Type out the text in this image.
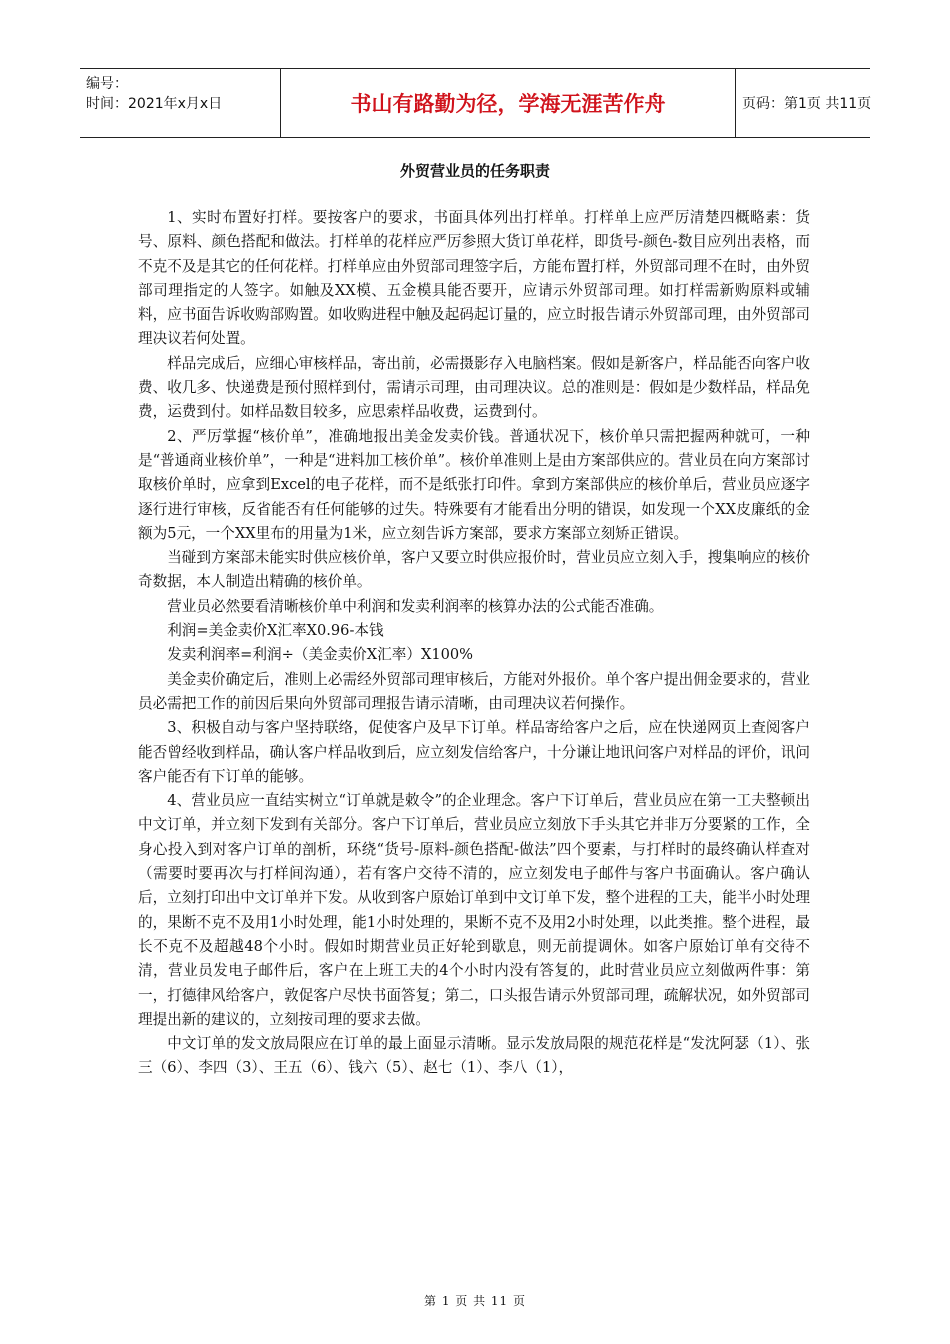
编号：
时间：2021年x月x日	书山有路勤为径，学海无涯苦作舟	页码：第1页 共11页
外贸营业员的任务职责

1、实时布置好打样。要按客户的要求，书面具体列出打样单。打样单上应严厉清楚四概略素：货号、原料、颜色搭配和做法。打样单的花样应严厉参照大货订单花样，即货号-颜色-数目应列出表格，而不克不及是其它的任何花样。打样单应由外贸部司理签字后，方能布置打样，外贸部司理不在时，由外贸部司理指定的人签字。如触及XX模、五金模具能否要开，应请示外贸部司理。如打样需新购原料或辅料，应书面告诉收购部购置。如收购进程中触及起码起订量的，应立时报告请示外贸部司理，由外贸部司理决议若何处置。

样品完成后，应细心审核样品，寄出前，必需摄影存入电脑档案。假如是新客户，样品能否向客户收费、收几多、快递费是预付照样到付，需请示司理，由司理决议。总的准则是：假如是少数样品，样品免费，运费到付。如样品数目较多，应思索样品收费，运费到付。

2、严厉掌握“核价单”，准确地报出美金发卖价钱。普通状况下，核价单只需把握两种就可，一种是“普通商业核价单”，一种是“进料加工核价单”。核价单准则上是由方案部供应的。营业员在向方案部讨取核价单时，应拿到Excel的电子花样，而不是纸张打印件。拿到方案部供应的核价单后，营业员应逐字逐行进行审核，反省能否有任何能够的过失。特殊要有才能看出分明的错误，如发现一个XX皮廉纸的金额为5元，一个XX里布的用量为1米，应立刻告诉方案部，要求方案部立刻矫正错误。

当碰到方案部未能实时供应核价单，客户又要立时供应报价时，营业员应立刻入手，搜集响应的核价奇数据，本人制造出精确的核价单。

营业员必然要看清晰核价单中利润和发卖利润率的核算办法的公式能否准确。

利润=美金卖价X汇率X0.96-本钱

发卖利润率=利润÷（美金卖价X汇率）X100%

美金卖价确定后，准则上必需经外贸部司理审核后，方能对外报价。单个客户提出佣金要求的，营业员必需把工作的前因后果向外贸部司理报告请示清晰，由司理决议若何操作。

3、积极自动与客户坚持联络，促使客户及早下订单。样品寄给客户之后，应在快递网页上查阅客户能否曾经收到样品，确认客户样品收到后，应立刻发信给客户，十分谦让地讯问客户对样品的评价，讯问客户能否有下订单的能够。

4、营业员应一直结实树立“订单就是敕令”的企业理念。客户下订单后，营业员应在第一工夫整顿出中文订单，并立刻下发到有关部分。客户下订单后，营业员应立刻放下手头其它并非万分要紧的工作，全身心投入到对客户订单的剖析，环绕“货号-原料-颜色搭配-做法”四个要素，与打样时的最终确认样查对（需要时要再次与打样间沟通），若有客户交待不清的，应立刻发电子邮件与客户书面确认。客户确认后，立刻打印出中文订单并下发。从收到客户原始订单到中文订单下发，整个进程的工夫，能半小时处理的，果断不克不及用1小时处理，能1小时处理的，果断不克不及用2小时处理，以此类推。整个进程，最长不克不及超越48个小时。假如时期营业员正好轮到歇息，则无前提调休。如客户原始订单有交待不清，营业员发电子邮件后，客户在上班工夫的4个小时内没有答复的，此时营业员应立刻做两件事：第一，打德律风给客户，敦促客户尽快书面答复；第二，口头报告请示外贸部司理，疏解状况，如外贸部司理提出新的建议的，立刻按司理的要求去做。

中文订单的发文放局限应在订单的最上面显示清晰。显示发放局限的规范花样是“发沈阿瑟（1）、张三（6）、李四（3）、王五（6）、钱六（5）、赵七（1）、李八（1），

第 1 页 共 11 页
